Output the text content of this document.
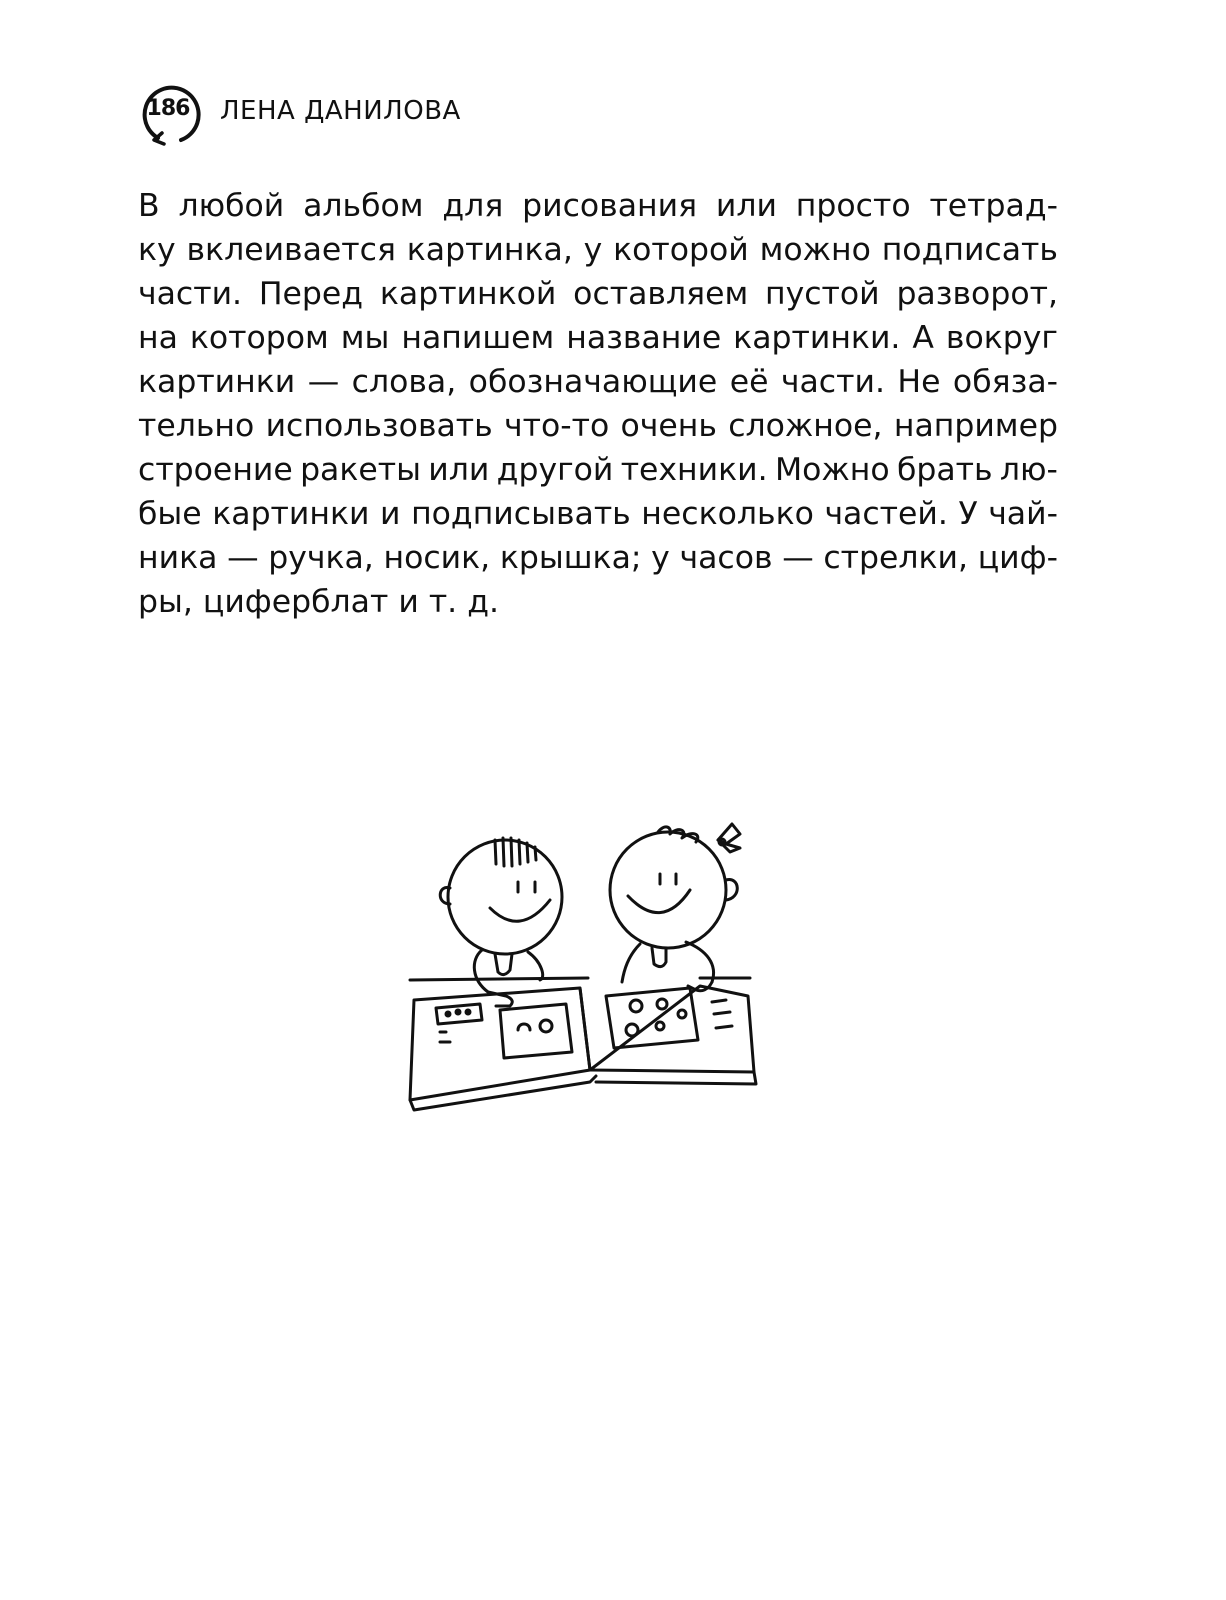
186 ЛЕНА ДАНИЛОВА
В любой альбом для рисования или просто тетрад-
ку вклеивается картинка, у которой можно подписать
части. Перед картинкой оставляем пустой разворот,
на котором мы напишем название картинки. А вокруг
картинки — слова, обозначающие её части. Не обяза-
тельно использовать что-то очень сложное, например
строение ракеты или другой техники. Можно брать лю-
бые картинки и подписывать несколько частей. У чай-
ника — ручка, носик, крышка; у часов — стрелки, циф-
ры, циферблат и т. д.
